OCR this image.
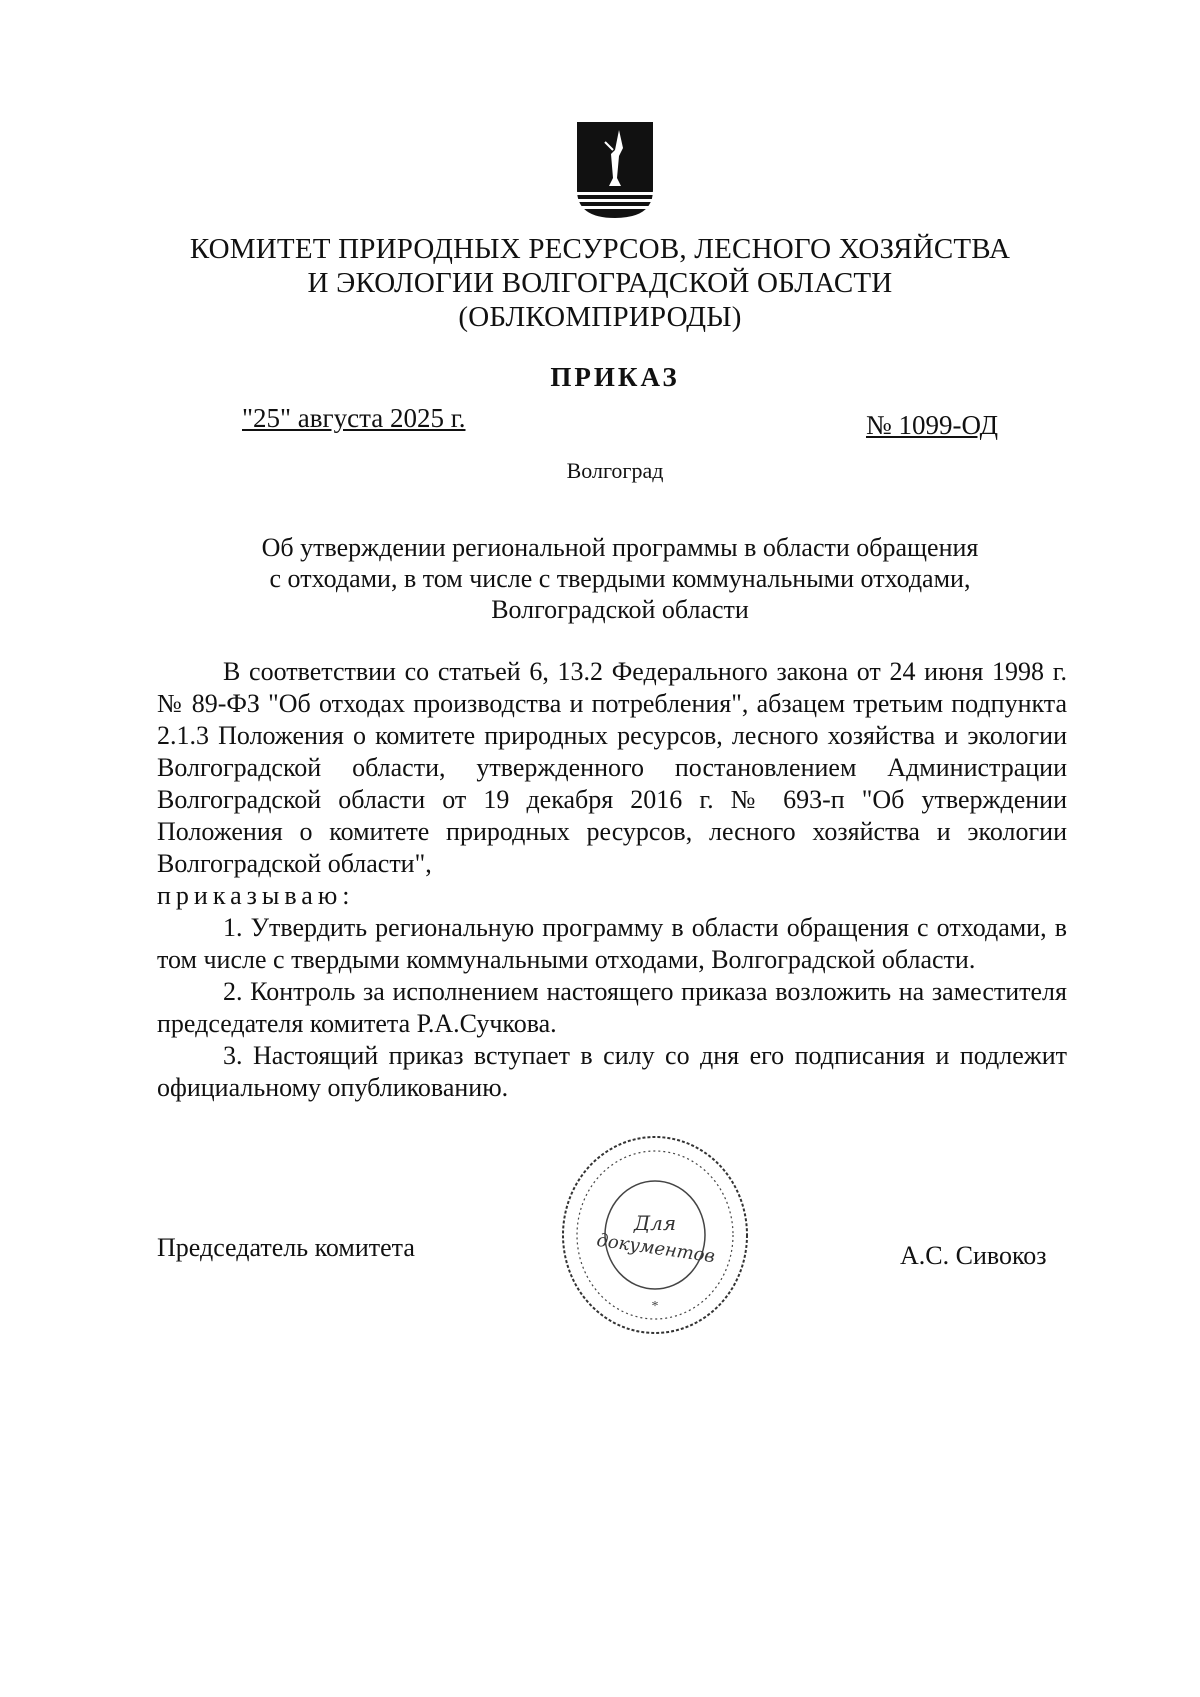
КОМИТЕТ ПРИРОДНЫХ РЕСУРСОВ, ЛЕСНОГО ХОЗЯЙСТВА
И ЭКОЛОГИИ ВОЛГОГРАДСКОЙ ОБЛАСТИ
(ОБЛКОМПРИРОДЫ)
ПРИКАЗ
"25" августа 2025 г.	№ 1099-ОД
Волгоград
Об утверждении региональной программы в области обращения
с отходами, в том числе с твердыми коммунальными отходами,
Волгоградской области

В соответствии со статьей 6, 13.2 Федерального закона от 24 июня 1998 г. № 89-ФЗ "Об отходах производства и потребления", абзацем третьим подпункта 2.1.3 Положения о комитете природных ресурсов, лесного хозяйства и экологии Волгоградской области, утвержденного постановлением Администрации Волгоградской области от 19 декабря 2016 г. № 693-п "Об утверждении Положения о комитете природных ресурсов, лесного хозяйства и экологии Волгоградской области",

приказываю:

1. Утвердить региональную программу в области обращения с отходами, в том числе с твердыми коммунальными отходами, Волгоградской области.

2. Контроль за исполнением настоящего приказа возложить на заместителя председателя комитета Р.А.Сучкова.

3. Настоящий приказ вступает в силу со дня его подписания и подлежит официальному опубликованию.

Председатель комитета	А.С. Сивокоз
Для
документов
*
